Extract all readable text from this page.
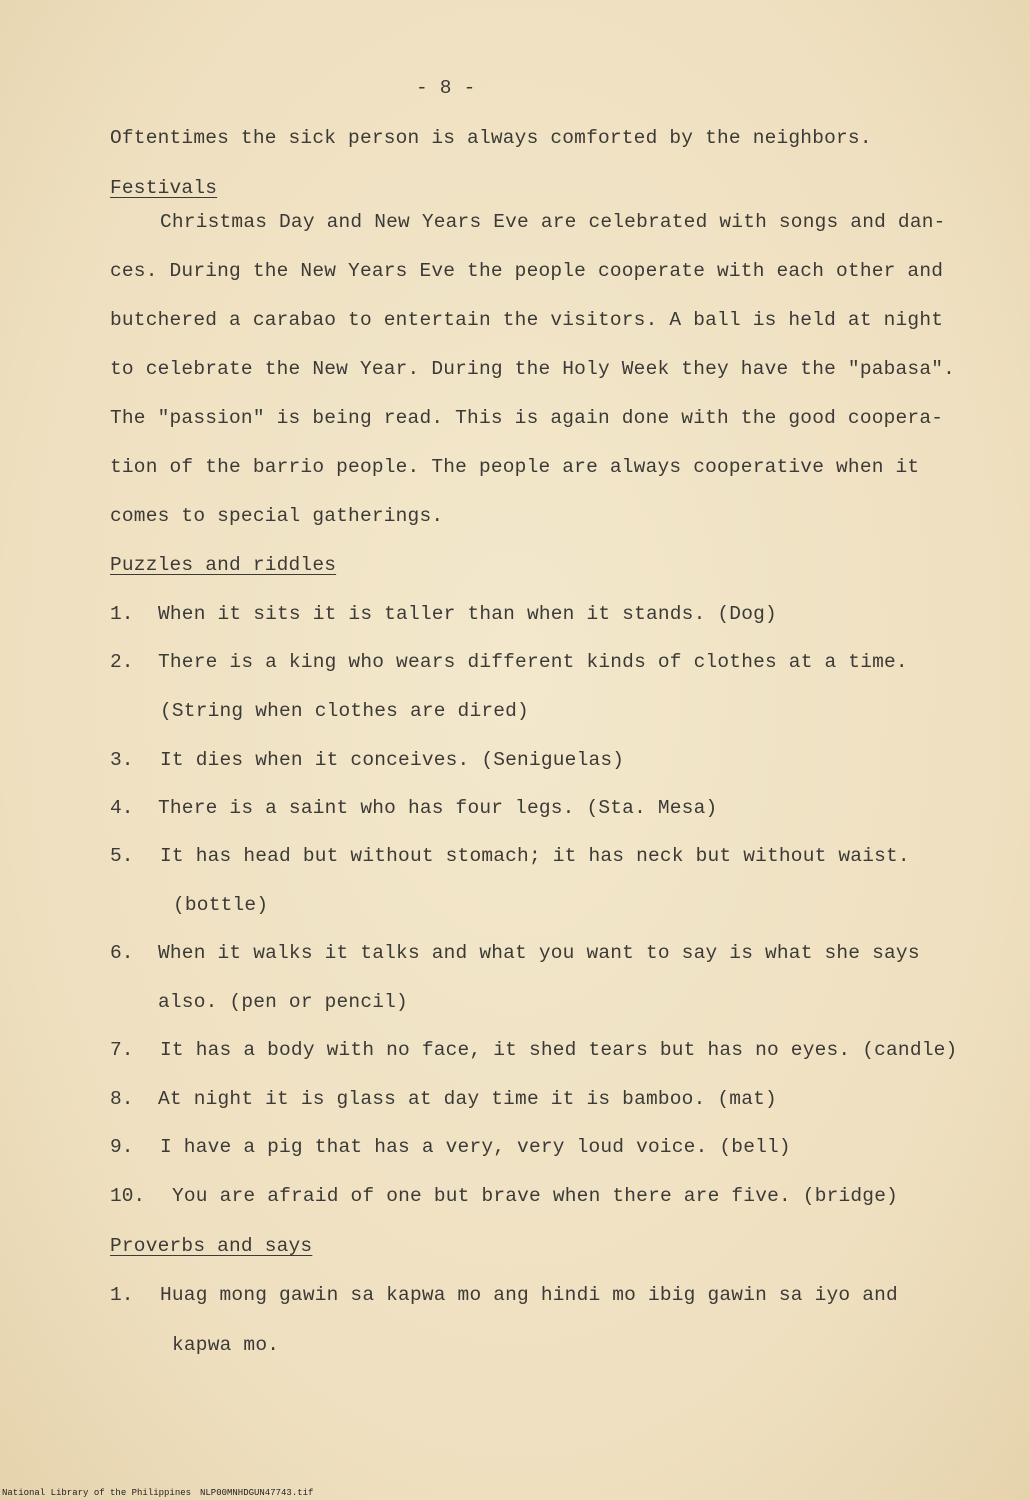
- 8 -
Oftentimes the sick person is always comforted by the neighbors.
Festivals
Christmas Day and New Years Eve are celebrated with songs and dan-
ces. During the New Years Eve the people cooperate with each other and
butchered a carabao to entertain the visitors. A ball is held at night
to celebrate the New Year. During the Holy Week they have the "pabasa".
The "passion" is being read. This is again done with the good coopera-
tion of the barrio people. The people are always cooperative when it
comes to special gatherings.
Puzzles and riddles
1. When it sits it is taller than when it stands. (Dog)
2. There is a king who wears different kinds of clothes at a time.
(String when clothes are dired)
3. It dies when it conceives. (Seniguelas)
4. There is a saint who has four legs. (Sta. Mesa)
5. It has head but without stomach; it has neck but without waist.
(bottle)
6. When it walks it talks and what you want to say is what she says
also. (pen or pencil)
7. It has a body with no face, it shed tears but has no eyes. (candle)
8. At night it is glass at day time it is bamboo. (mat)
9. I have a pig that has a very, very loud voice. (bell)
10. You are afraid of one but brave when there are five. (bridge)
Proverbs and says
1. Huag mong gawin sa kapwa mo ang hindi mo ibig gawin sa iyo and
kapwa mo.
National Library of the Philippines NLP00MNHDGUN47743.tif
